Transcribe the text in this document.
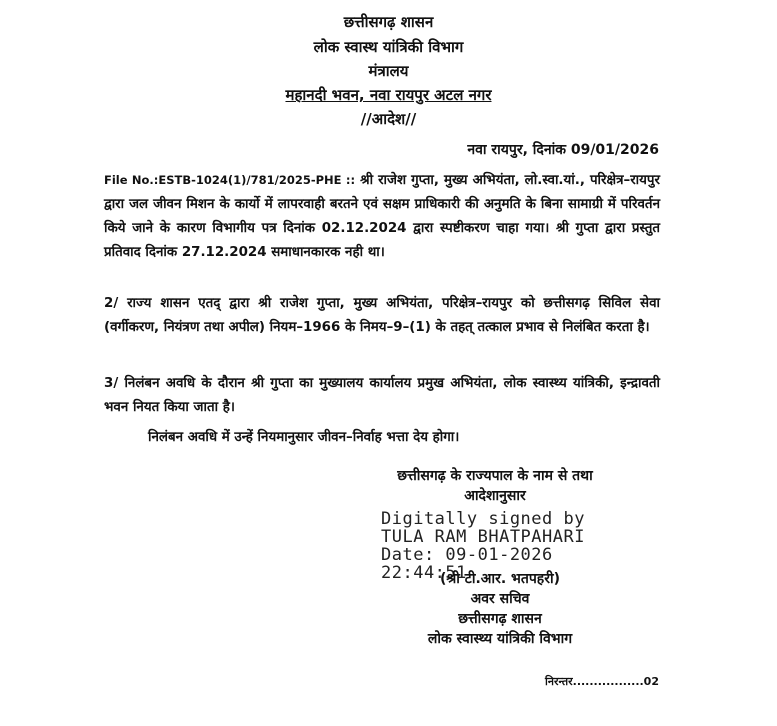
छत्तीसगढ़ शासन
लोक स्वास्थ यांत्रिकी विभाग
मंत्रालय
महानदी भवन, नवा रायपुर अटल नगर
//आदेश//
नवा रायपुर, दिनांक 09/01/2026
File No.:ESTB-1024(1)/781/2025-PHE :: श्री राजेश गुप्ता, मुख्य अभियंता, लो.स्वा.यां., परिक्षेत्र–रायपुर द्वारा जल जीवन मिशन के कार्यो में लापरवाही बरतने एवं सक्षम प्राधिकारी की अनुमति के बिना सामाग्री में परिवर्तन किये जाने के कारण विभागीय पत्र दिनांक 02.12.2024 द्वारा स्पष्टीकरण चाहा गया। श्री गुप्ता द्वारा प्रस्तुत प्रतिवाद दिनांक 27.12.2024 समाधानकारक नही था।
2/ राज्य शासन एतद् द्वारा श्री राजेश गुप्ता, मुख्य अभियंता, परिक्षेत्र–रायपुर को छत्तीसगढ़ सिविल सेवा (वर्गीकरण, नियंत्रण तथा अपील) नियम–1966 के निमय–9–(1) के तहत् तत्काल प्रभाव से निलंबित करता है।
3/ निलंबन अवधि के दौरान श्री गुप्ता का मुख्यालय कार्यालय प्रमुख अभियंता, लोक स्वास्थ्य यांत्रिकी, इन्द्रावती भवन नियत किया जाता है।
निलंबन अवधि में उन्हें नियमानुसार जीवन–निर्वाह भत्ता देय होगा।
छत्तीसगढ़ के राज्यपाल के नाम से तथा
आदेशानुसार
Digitally signed by
TULA RAM BHATPAHARI
Date: 09-01-2026
22:44:51
(श्री टी.आर. भतपहरी)
अवर सचिव
छत्तीसगढ़ शासन
लोक स्वास्थ्य यांत्रिकी विभाग
निरन्तर.................02
